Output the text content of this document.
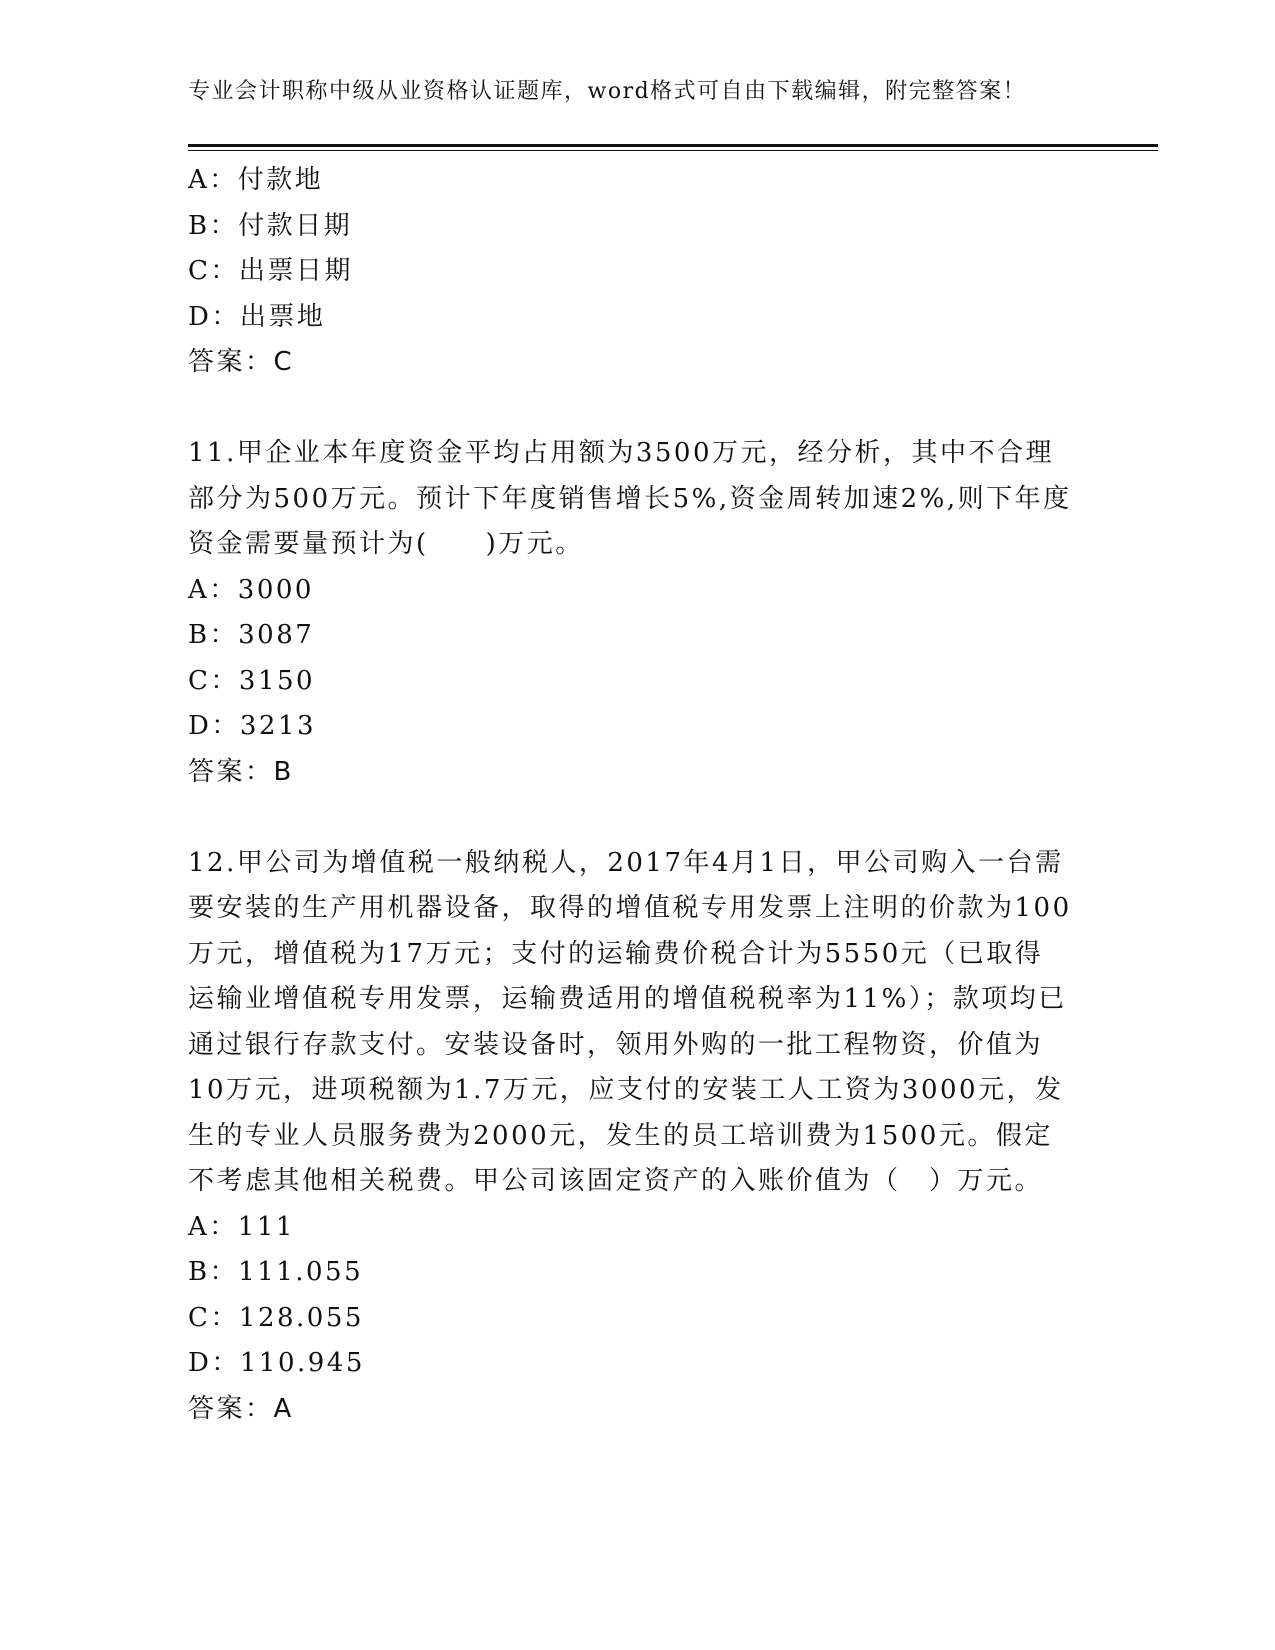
专业会计职称中级从业资格认证题库，word格式可自由下载编辑，附完整答案！

A：付款地

B：付款日期

C：出票日期

D：出票地

答案：C

11.甲企业本年度资金平均占用额为3500万元，经分析，其中不合理

部分为500万元。预计下年度销售增长5%,资金周转加速2%,则下年度

资金需要量预计为(　　)万元。

A：3000

B：3087

C：3150

D：3213

答案：B

12.甲公司为增值税一般纳税人，2017年4月1日，甲公司购入一台需

要安装的生产用机器设备，取得的增值税专用发票上注明的价款为100

万元，增值税为17万元；支付的运输费价税合计为5550元（已取得

运输业增值税专用发票，运输费适用的增值税税率为11%）；款项均已

通过银行存款支付。安装设备时，领用外购的一批工程物资，价值为

10万元，进项税额为1.7万元，应支付的安装工人工资为3000元，发

生的专业人员服务费为2000元，发生的员工培训费为1500元。假定

不考虑其他相关税费。甲公司该固定资产的入账价值为（　）万元。

A：111

B：111.055

C：128.055

D：110.945

答案：A
